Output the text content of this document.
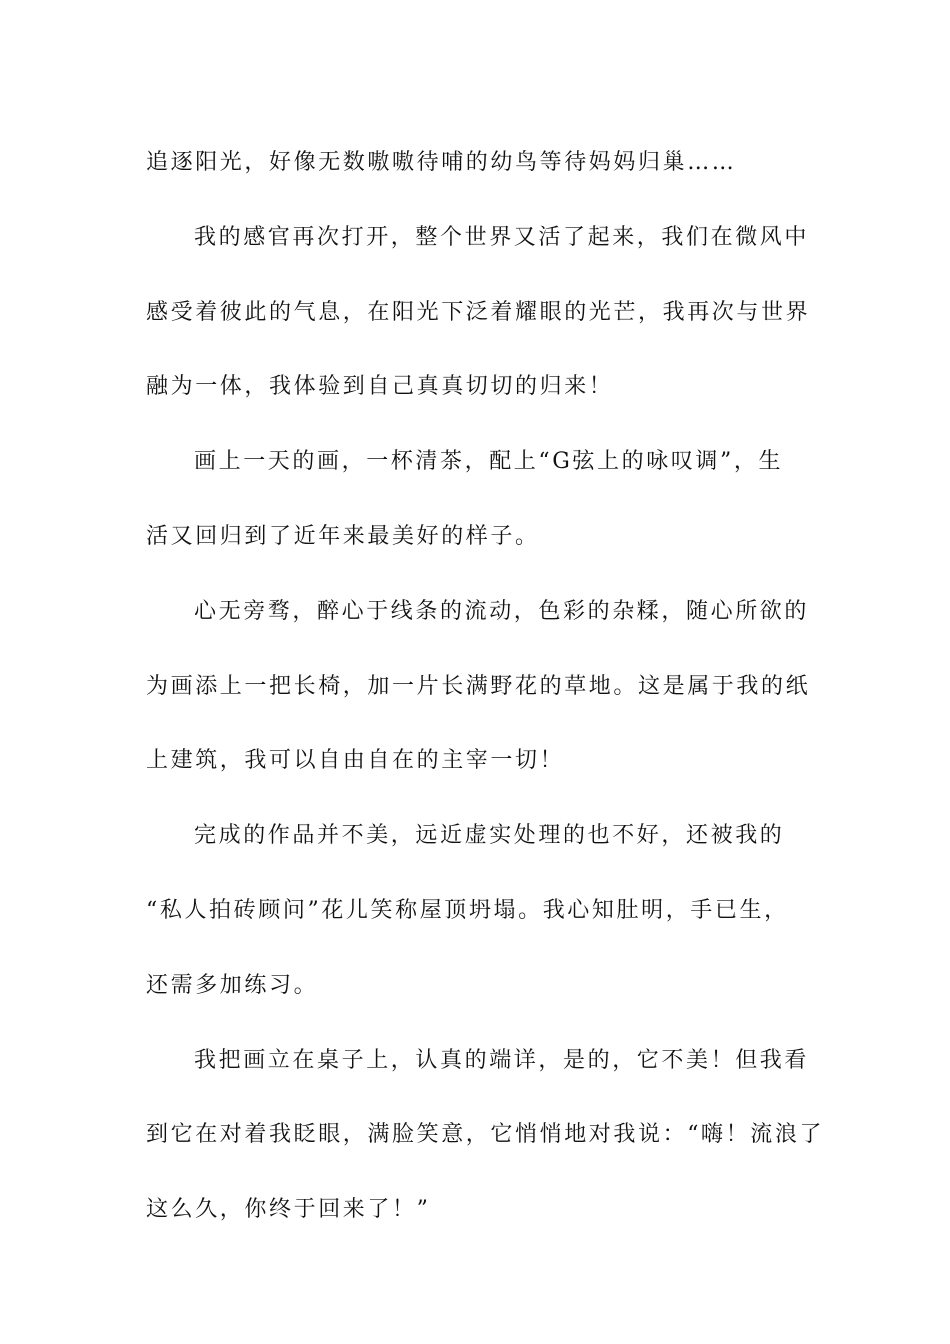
追逐阳光，好像无数嗷嗷待哺的幼鸟等待妈妈归巢……
我的感官再次打开，整个世界又活了起来，我们在微风中
感受着彼此的气息，在阳光下泛着耀眼的光芒，我再次与世界
融为一体，我体验到自己真真切切的归来！
画上一天的画，一杯清茶，配上“G弦上的咏叹调”，生
活又回归到了近年来最美好的样子。
心无旁骛，醉心于线条的流动，色彩的杂糅，随心所欲的
为画添上一把长椅，加一片长满野花的草地。这是属于我的纸
上建筑，我可以自由自在的主宰一切！
完成的作品并不美，远近虚实处理的也不好，还被我的
“私人拍砖顾问”花儿笑称屋顶坍塌。我心知肚明，手已生，
还需多加练习。
我把画立在桌子上，认真的端详，是的，它不美！但我看
到它在对着我眨眼，满脸笑意，它悄悄地对我说：“嗨！流浪了
这么久，你终于回来了！”
